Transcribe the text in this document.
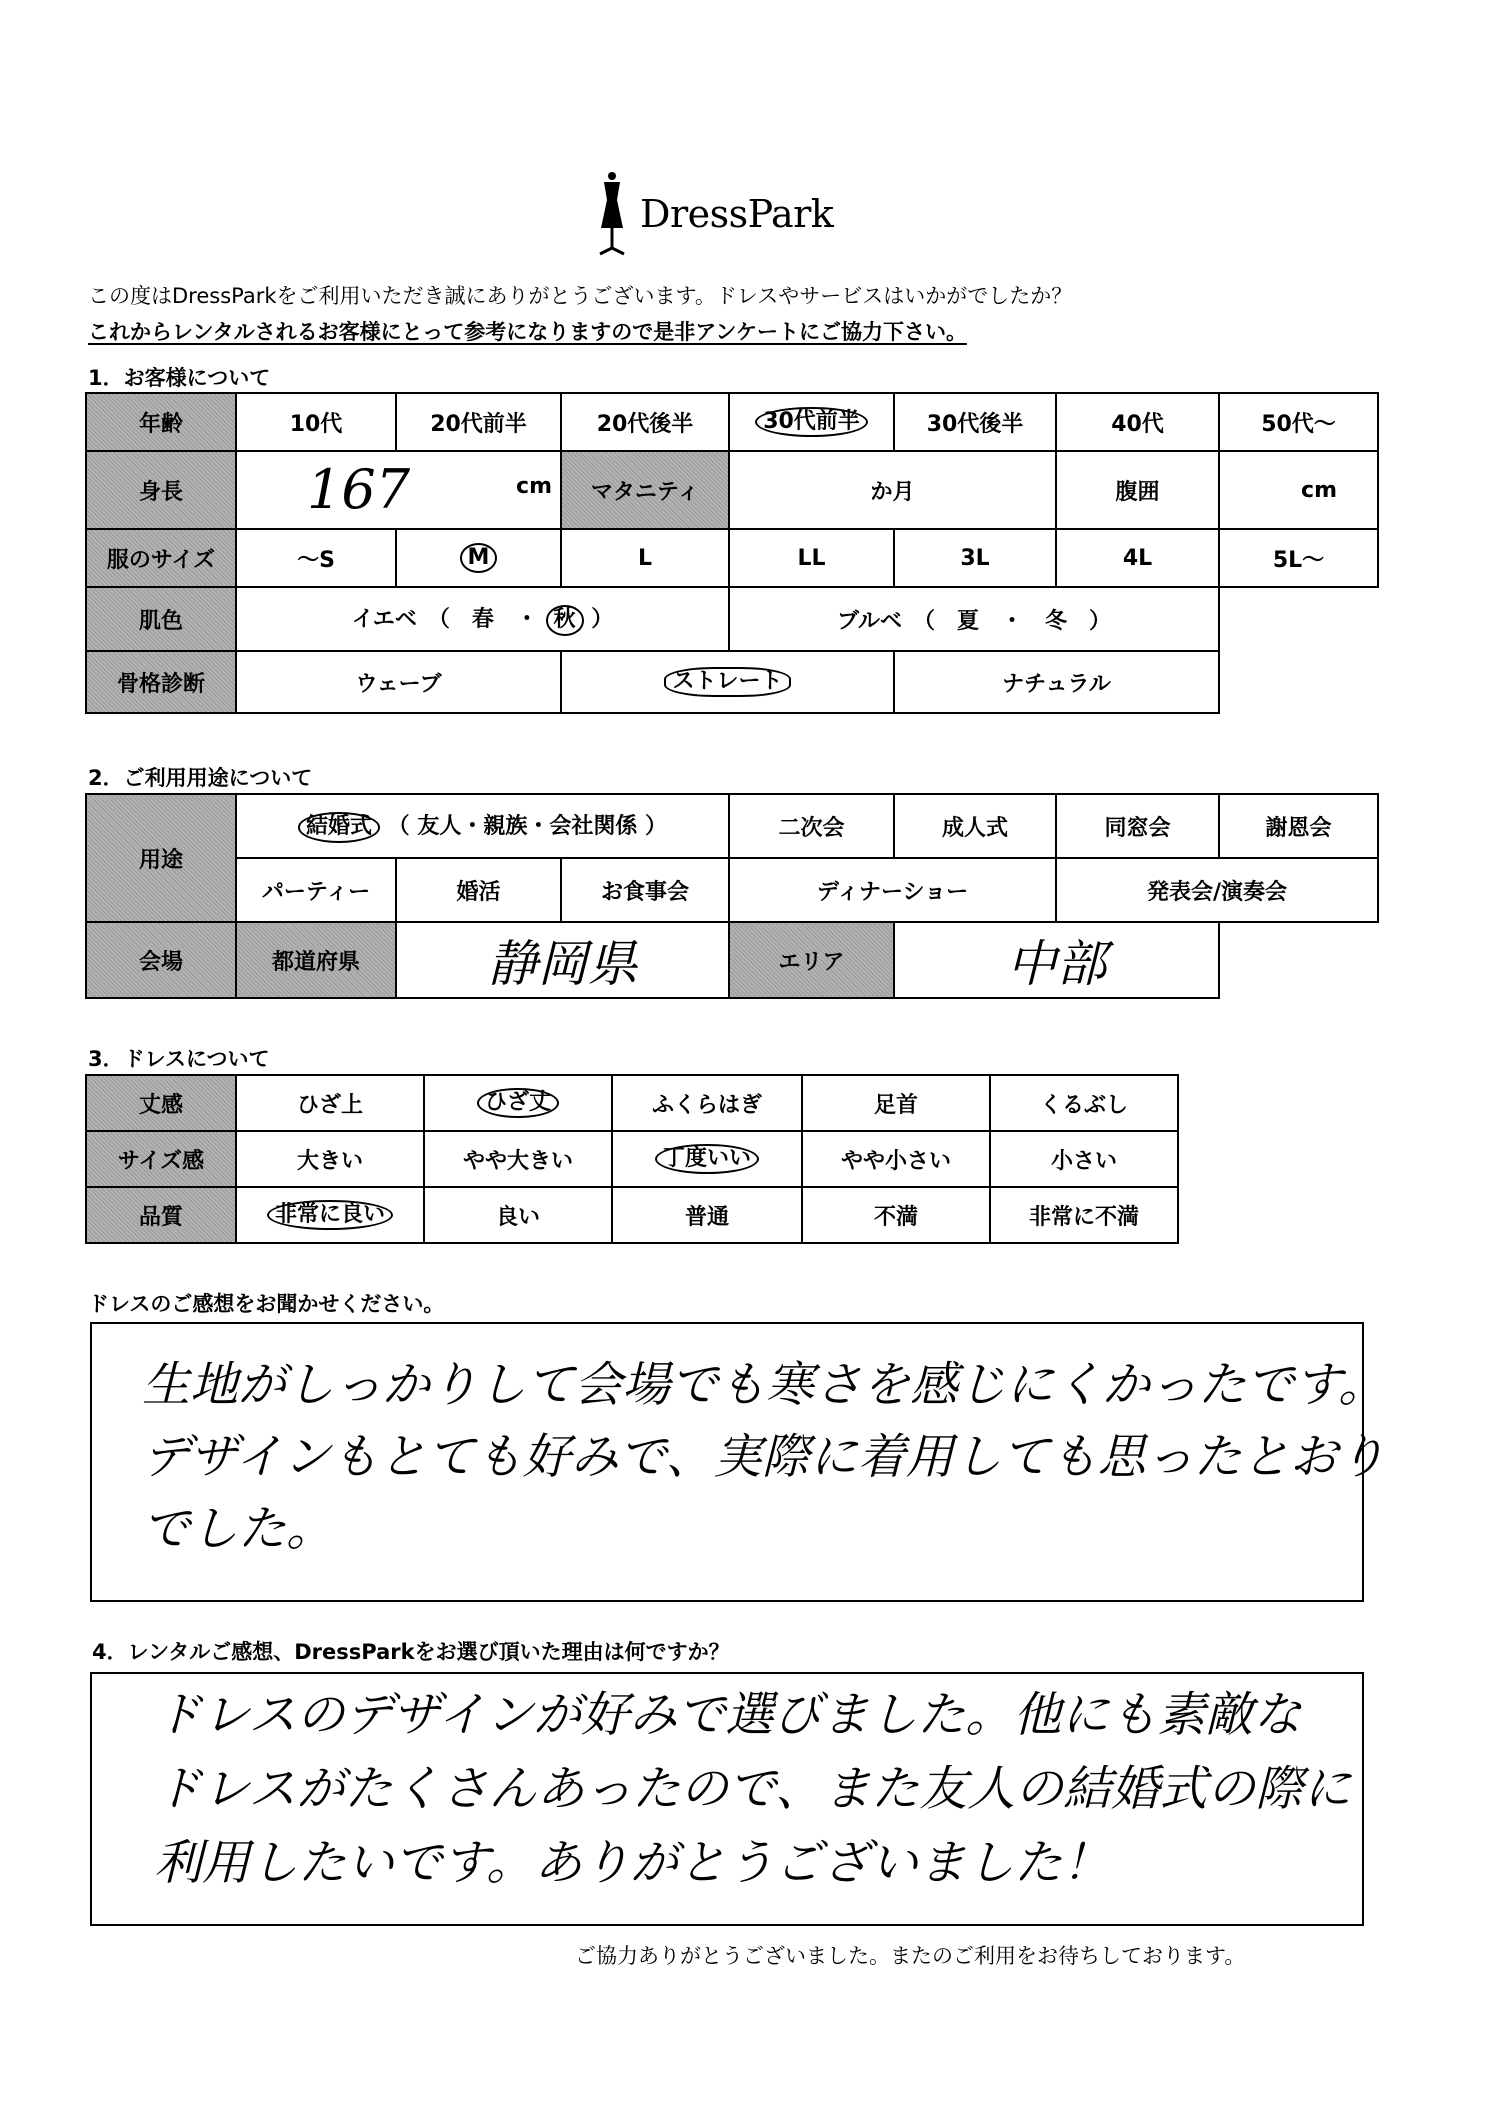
DressPark
この度はDressParkをご利用いただき誠にありがとうございます。ドレスやサービスはいかがでしたか？
これからレンタルされるお客様にとって参考になりますので是非アンケートにご協力下さい。
1．お客様について
年齢	10代	20代前半	20代後半	30代前半	30代後半	40代	50代～
身長	167 cm		マタニティ	か月		腹囲	cm
服のサイズ	～S	M	L	LL	3L	4L	5L～
肌色	イエベ　（　春　・ 秋 ）			ブルベ　（　夏　・　冬　）			
骨格診断	ウェーブ		ストレート		ナチュラル		
2．ご利用用途について
用途	結婚式 （ 友人・親族・会社関係 ）			二次会	成人式	同窓会	謝恩会
	パーティー	婚活	お食事会	ディナーショー		発表会/演奏会	
会場	都道府県	静岡県		エリア	中部		
3．ドレスについて
丈感	ひざ上	ひざ丈	ふくらはぎ	足首	くるぶし
サイズ感	大きい	やや大きい	丁度いい	やや小さい	小さい
品質	非常に良い	良い	普通	不満	非常に不満
ドレスのご感想をお聞かせください。
生地がしっかりして会場でも寒さを感じにくかったです。
デザインもとても好みで、実際に着用しても思ったとおり
でした。
4．レンタルご感想、DressParkをお選び頂いた理由は何ですか？
ドレスのデザインが好みで選びました。他にも素敵な
ドレスがたくさんあったので、また友人の結婚式の際に
利用したいです。ありがとうございました！
ご協力ありがとうございました。またのご利用をお待ちしております。
